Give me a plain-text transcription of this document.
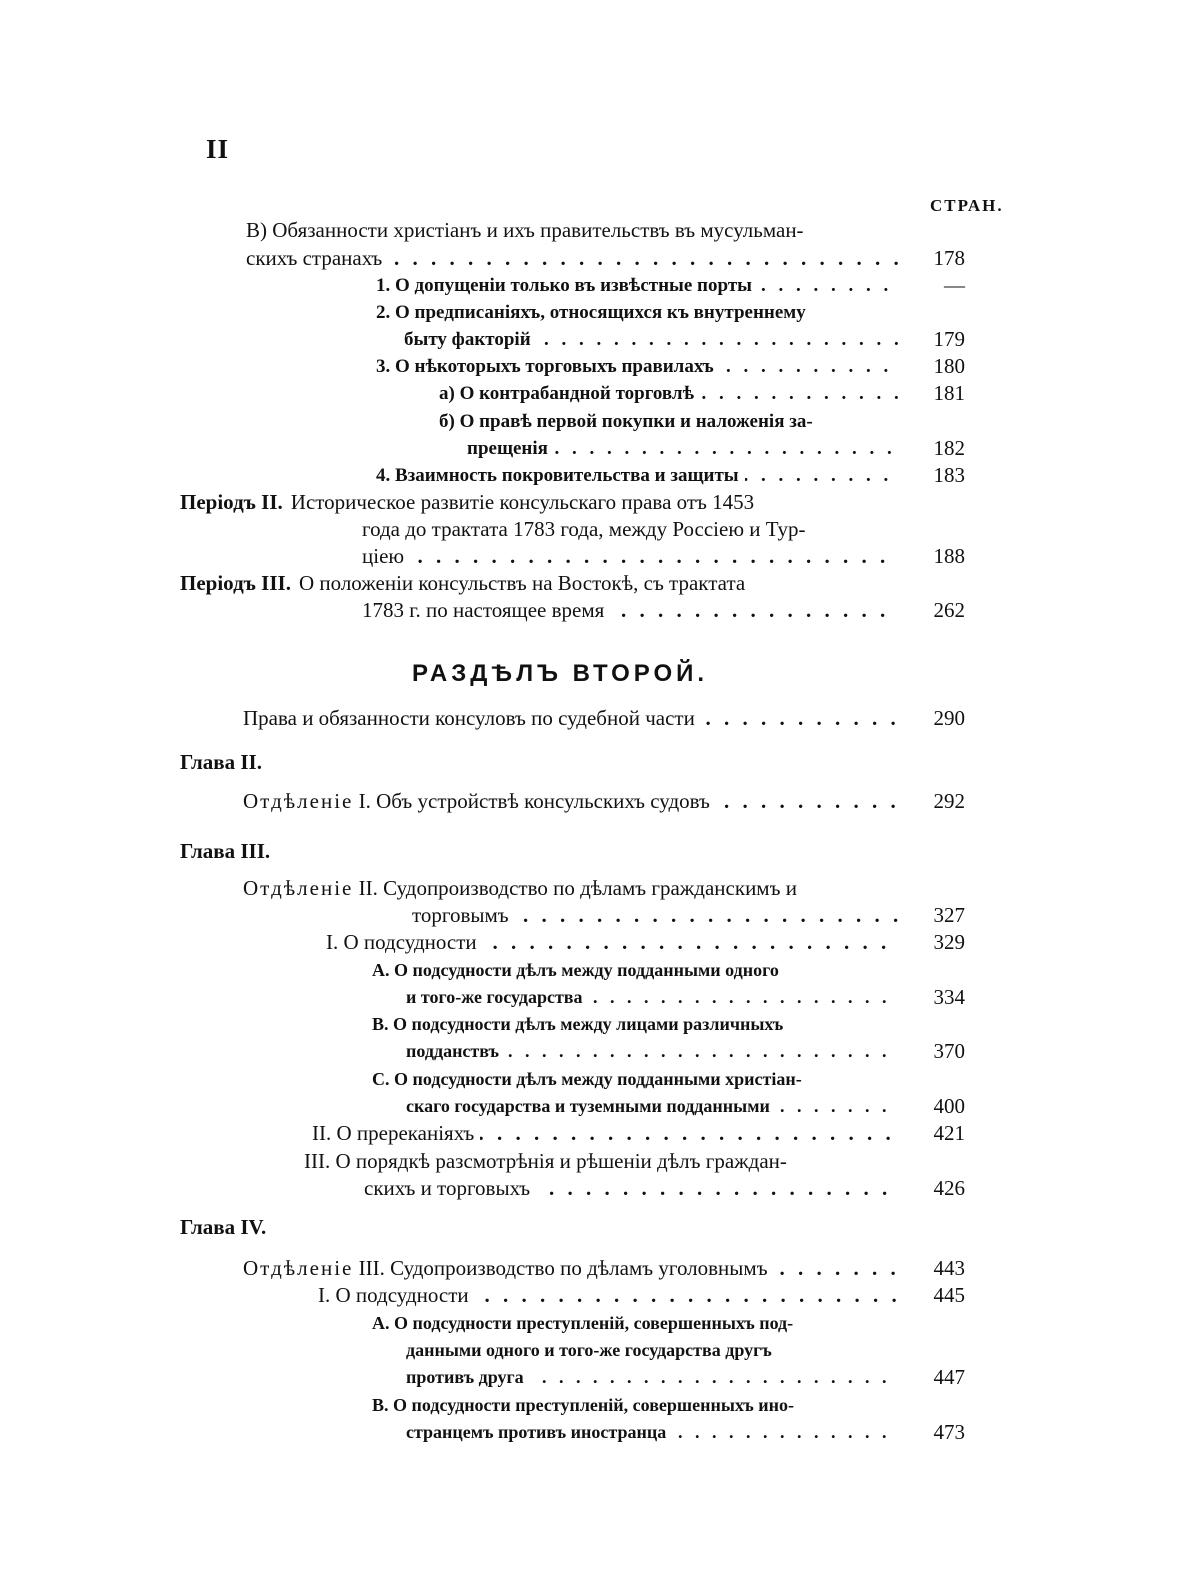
II
СТРАН.
В) Обязанности христіанъ и ихъ правительствъ въ мусульман-
скихъ странахъ . . .	178
1. О допущеніи только въ извѣстные порты . . .	—
2. О предписаніяхъ, относящихся къ внутреннему
быту факторій . . .	179
3. О нѣкоторыхъ торговыхъ правилахъ . . .	180
а) О контрабандной торговлѣ . . .	181
б) О правѣ первой покупки и наложенія за-
прещенія . . .	182
4. Взаимность покровительства и защиты . . .	183
Періодъ II. Историческое развитіе консульскаго права отъ 1453
года до трактата 1783 года, между Россіею и Тур-
ціею . . .	188
Періодъ III. О положеніи консульствъ на Востокѣ, съ трактата
1783 г. по настоящее время . . .	262
РАЗДѢЛЪ ВТОРОЙ.
Права и обязанности консуловъ по судебной части . . .	290
Глава II.
Отдѣленіе I. Объ устройствѣ консульскихъ судовъ . . .	292
Глава III.
Отдѣленіе II. Судопроизводство по дѣламъ гражданскимъ и
торговымъ . . .	327
I. О подсудности . . .	329
А. О подсудности дѣлъ между подданными одного
и того-же государства . . .	334
В. О подсудности дѣлъ между лицами различныхъ
подданствъ . . .	370
С. О подсудности дѣлъ между подданными христіан-
скаго государства и туземными подданными . . .	400
II. О пререканіяхъ . . .	421
III. О порядкѣ разсмотрѣнія и рѣшеніи дѣлъ граждан-
скихъ и торговыхъ . . .	426
Глава IV.
Отдѣленіе III. Судопроизводство по дѣламъ уголовнымъ . . .	443
I. О подсудности . . .	445
А. О подсудности преступленій, совершенныхъ под-
данными одного и того-же государства другъ
противъ друга . . .	447
В. О подсудности преступленій, совершенныхъ ино-
странцемъ противъ иностранца . . .	473
